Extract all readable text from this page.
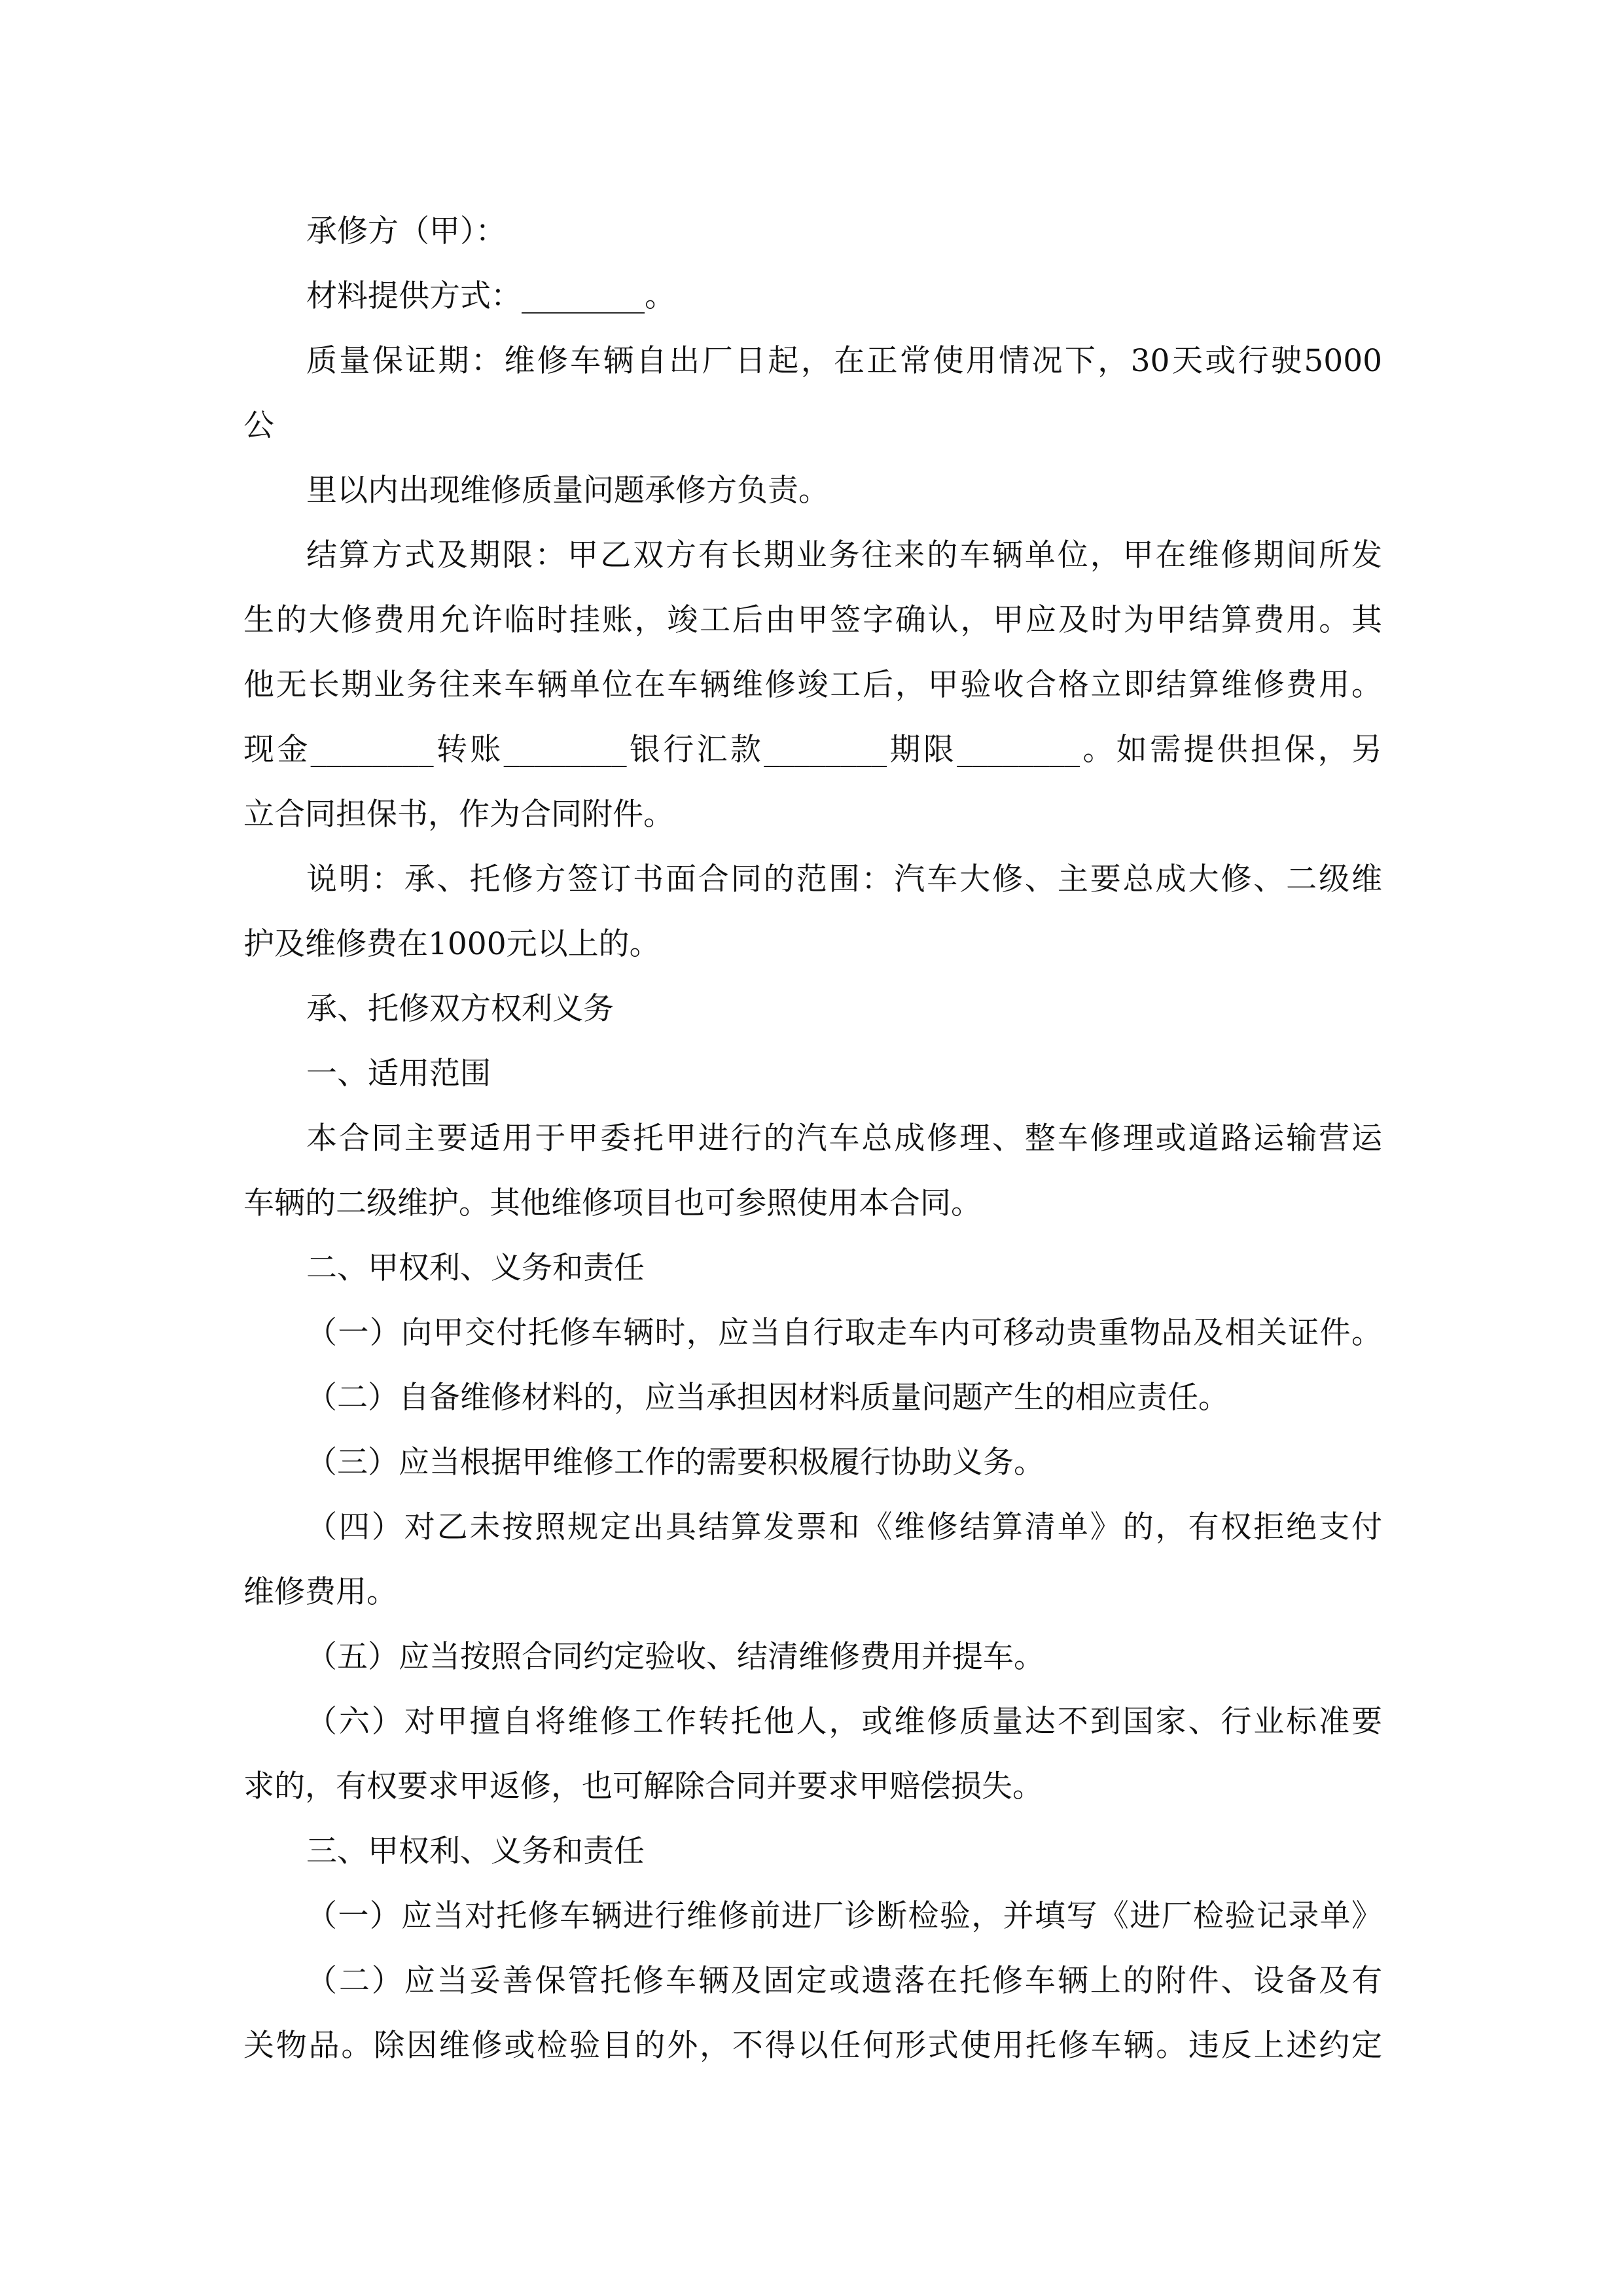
承修方（甲）：
材料提供方式：________。
质量保证期：维修车辆自出厂日起，在正常使用情况下，30天或行驶5000
公
里以内出现维修质量问题承修方负责。
结算方式及期限：甲乙双方有长期业务往来的车辆单位，甲在维修期间所发
生的大修费用允许临时挂账，竣工后由甲签字确认，甲应及时为甲结算费用。其
他无长期业务往来车辆单位在车辆维修竣工后，甲验收合格立即结算维修费用。
现金________转账________银行汇款________期限________。如需提供担保，另
立合同担保书，作为合同附件。
说明：承、托修方签订书面合同的范围：汽车大修、主要总成大修、二级维
护及维修费在1000元以上的。
承、托修双方权利义务
一、适用范围
本合同主要适用于甲委托甲进行的汽车总成修理、整车修理或道路运输营运
车辆的二级维护。其他维修项目也可参照使用本合同。
二、甲权利、义务和责任
（一）向甲交付托修车辆时，应当自行取走车内可移动贵重物品及相关证件。
（二）自备维修材料的，应当承担因材料质量问题产生的相应责任。
（三）应当根据甲维修工作的需要积极履行协助义务。
（四）对乙未按照规定出具结算发票和《维修结算清单》的，有权拒绝支付
维修费用。
（五）应当按照合同约定验收、结清维修费用并提车。
（六）对甲擅自将维修工作转托他人，或维修质量达不到国家、行业标准要
求的，有权要求甲返修，也可解除合同并要求甲赔偿损失。
三、甲权利、义务和责任
（一）应当对托修车辆进行维修前进厂诊断检验，并填写《进厂检验记录单》
（二）应当妥善保管托修车辆及固定或遗落在托修车辆上的附件、设备及有
关物品。除因维修或检验目的外，不得以任何形式使用托修车辆。违反上述约定
